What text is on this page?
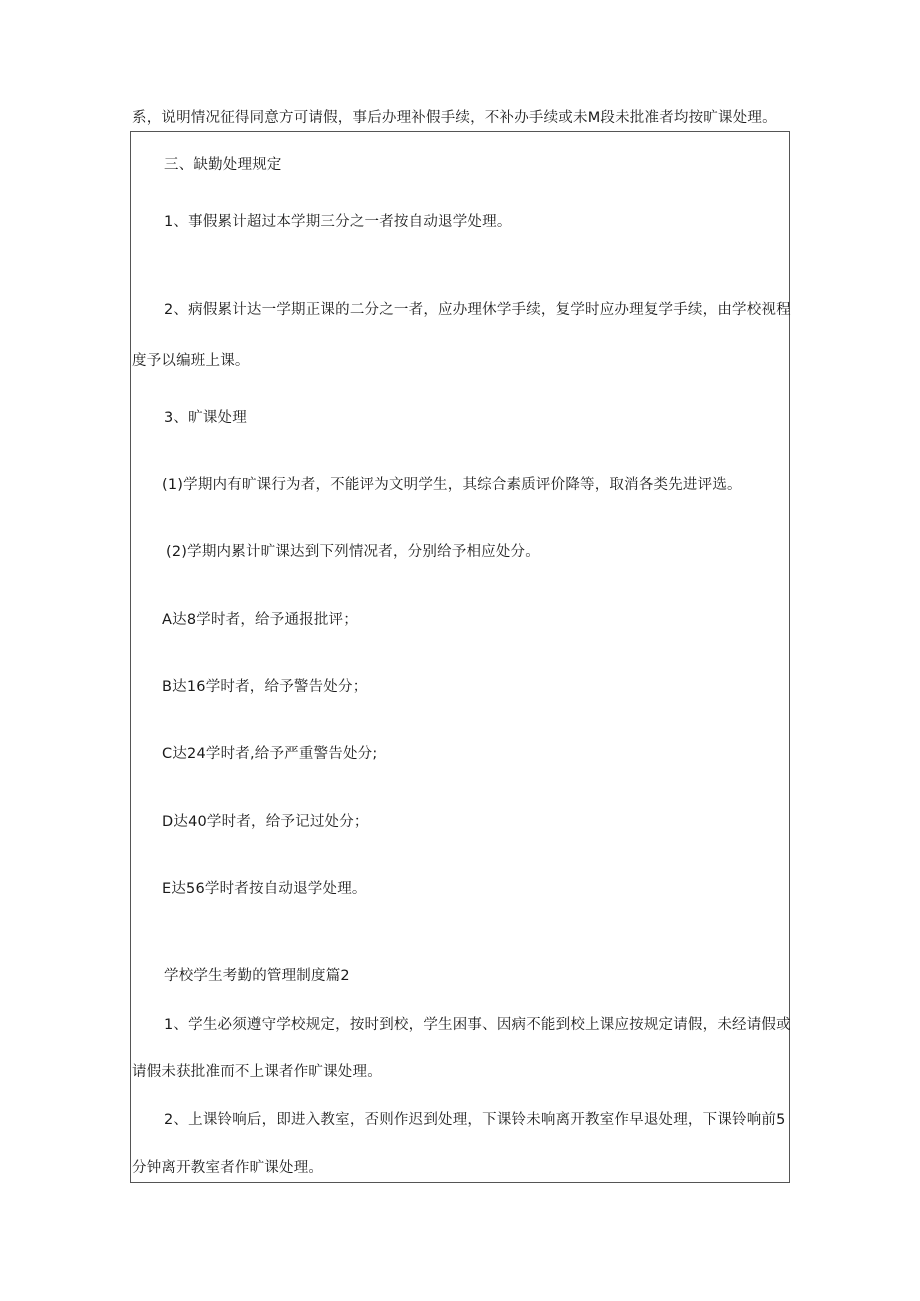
系，说明情况征得同意方可请假，事后办理补假手续，不补办手续或未M段未批准者均按旷课处理。

三、缺勤处理规定

1、事假累计超过本学期三分之一者按自动退学处理。

2、病假累计达一学期正课的二分之一者，应办理休学手续，复学时应办理复学手续，由学校视程

度予以编班上课。

3、旷课处理

(1)学期内有旷课行为者，不能评为文明学生，其综合素质评价降等，取消各类先进评选。

(2)学期内累计旷课达到下列情况者，分别给予相应处分。

A达8学时者，给予通报批评；

B达16学时者，给予警告处分；

C达24学时者,给予严重警告处分;

D达40学时者，给予记过处分；

E达56学时者按自动退学处理。

学校学生考勤的管理制度篇2

1、学生必须遵守学校规定，按时到校，学生困事、因病不能到校上课应按规定请假，未经请假或

请假未获批准而不上课者作旷课处理。

2、上课铃响后，即进入教室，否则作迟到处理，下课铃未响离开教室作早退处理，下课铃响前5

分钟离开教室者作旷课处理。
